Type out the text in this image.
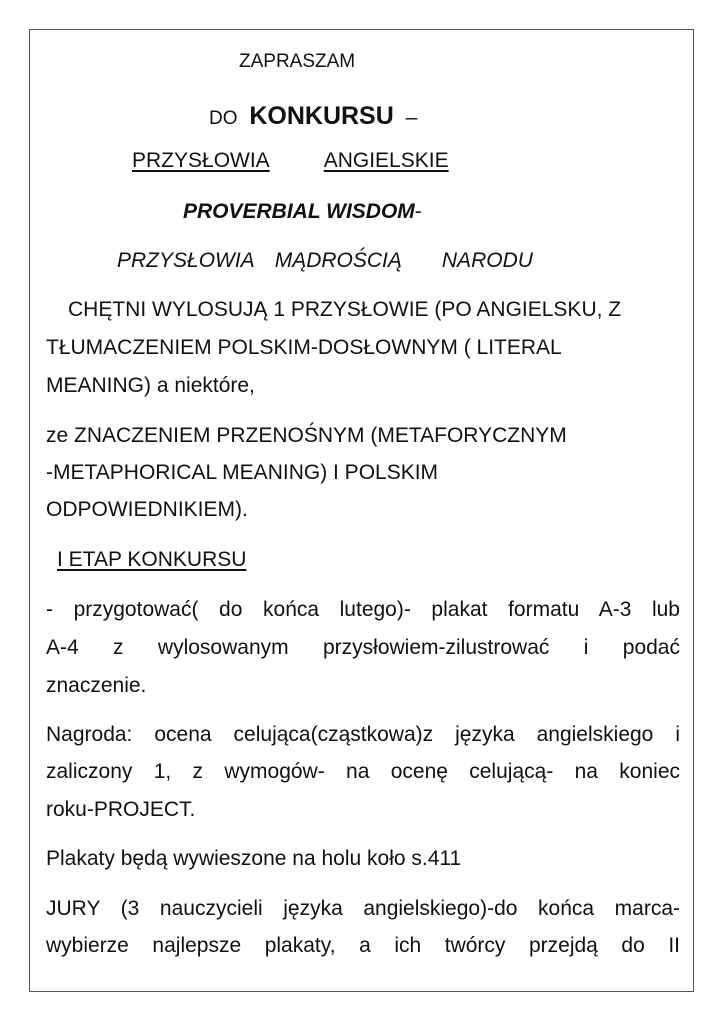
ZAPRASZAM
DO KONKURSU –
PRZYSŁOWIA	ANGIELSKIE
PROVERBIAL WISDOM-
PRZYSŁOWIA MĄDROŚCIĄ NARODU
CHĘTNI WYLOSUJĄ 1 PRZYSŁOWIE (PO ANGIELSKU, Z
TŁUMACZENIEM POLSKIM-DOSŁOWNYM ( LITERAL
MEANING) a niektóre,
ze ZNACZENIEM PRZENOŚNYM (METAFORYCZNYM
-METAPHORICAL MEANING) I POLSKIM
ODPOWIEDNIKIEM).
I ETAP KONKURSU
- przygotować( do końca lutego)- plakat formatu A-3 lub
A-4 z wylosowanym przysłowiem-zilustrować i podać
znaczenie.
Nagroda: ocena celująca(cząstkowa)z języka angielskiego i
zaliczony 1, z wymogów- na ocenę celującą- na koniec
roku-PROJECT.
Plakaty będą wywieszone na holu koło s.411
JURY (3 nauczycieli języka angielskiego)-do końca marca-
wybierze najlepsze plakaty, a ich twórcy przejdą do II
